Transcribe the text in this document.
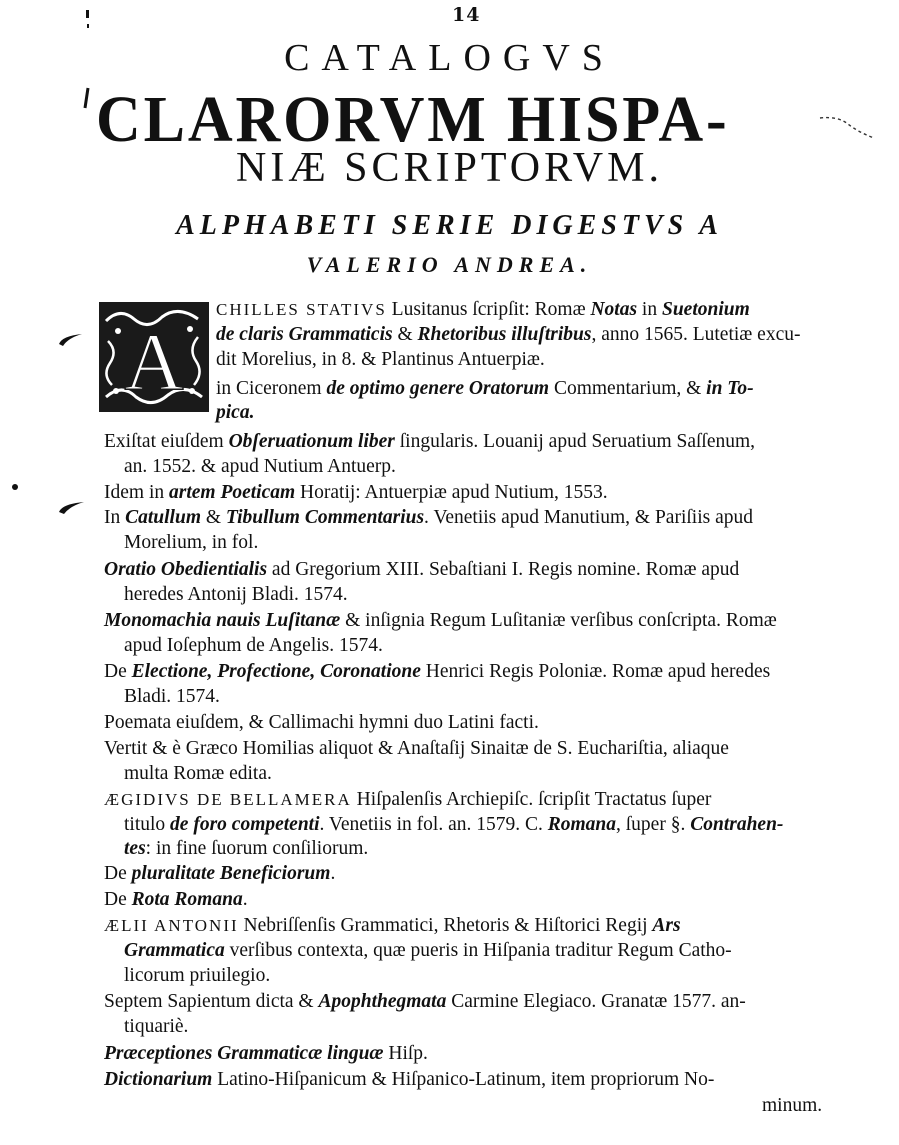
14
CATALOGVS
CLARORVM HISPA-
NIÆ SCRIPTORVM.
ALPHABETI SERIE DIGESTVS A
VALERIO ANDREA.
A
CHILLES STATIVS Lusitanus ſcripſit: Romæ Notas in Suetonium
de claris Grammaticis & Rhetoribus illuſtribus, anno 1565. Lutetiæ excu-
dit Morelius, in 8. & Plantinus Antuerpiæ.
in Ciceronem de optimo genere Oratorum Commentarium, & in To-
pica.
Exiſtat eiuſdem Obſeruationum liber ſingularis. Louanij apud Seruatium Saſſenum,
an. 1552. & apud Nutium Antuerp.
Idem in artem Poeticam Horatij: Antuerpiæ apud Nutium, 1553.
In Catullum & Tibullum Commentarius. Venetiis apud Manutium, & Pariſiis apud
Morelium, in fol.
Oratio Obedientialis ad Gregorium XIII. Sebaſtiani I. Regis nomine. Romæ apud
heredes Antonij Bladi. 1574.
Monomachia nauis Luſitanæ & inſignia Regum Luſitaniæ verſibus conſcripta. Romæ
apud Ioſephum de Angelis. 1574.
De Electione, Profectione, Coronatione Henrici Regis Poloniæ. Romæ apud heredes
Bladi. 1574.
Poemata eiuſdem, & Callimachi hymni duo Latini facti.
Vertit & è Græco Homilias aliquot & Anaſtaſij Sinaitæ de S. Euchariſtia, aliaque
multa Romæ edita.
ÆGIDIVS DE BELLAMERA Hiſpalenſis Archiepiſc. ſcripſit Tractatus ſuper
titulo de foro competenti. Venetiis in fol. an. 1579. C. Romana, ſuper §. Contrahen-
tes: in fine ſuorum conſiliorum.
De pluralitate Beneficiorum.
De Rota Romana.
ÆLII ANTONII Nebriſſenſis Grammatici, Rhetoris & Hiſtorici Regij Ars
Grammatica verſibus contexta, quæ pueris in Hiſpania traditur Regum Catho-
licorum priuilegio.
Septem Sapientum dicta & Apophthegmata Carmine Elegiaco. Granatæ 1577. an-
tiquariè.
Præceptiones Grammaticæ linguæ Hiſp.
Dictionarium Latino-Hiſpanicum & Hiſpanico-Latinum, item propriorum No-
minum.
